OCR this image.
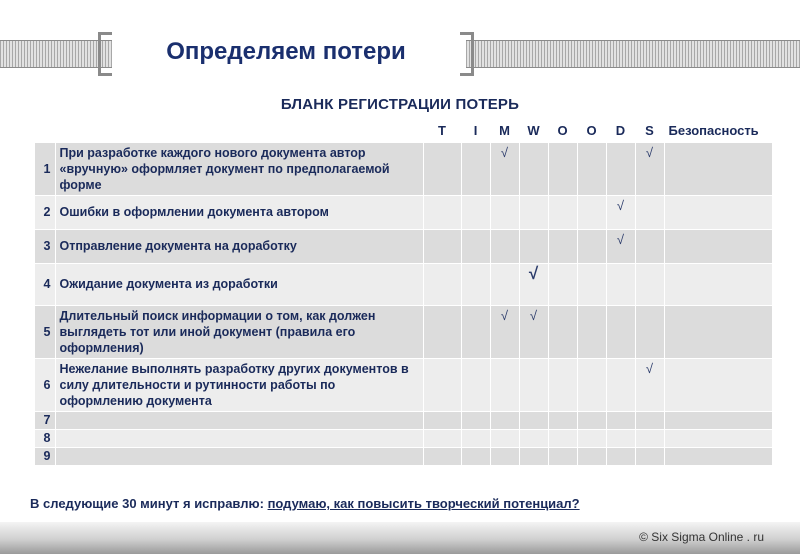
Определяем потери
БЛАНК РЕГИСТРАЦИИ ПОТЕРЬ
		T	I	M	W	O	O	D	S	Безопасность
1	При разработке каждого нового документа автор «вручную» оформляет документ по предполагаемой форме			√					√	
2	Ошибки в оформлении документа автором							√		
3	Отправление документа на доработку							√		
4	Ожидание документа из доработки				√					
5	Длительный поиск информации о том, как должен выглядеть тот или иной документ (правила его оформления)			√	√					
6	Нежелание выполнять разработку других документов в силу длительности и рутинности работы по оформлению документа								√	
7										
8										
9										
В следующие 30 минут я исправлю: подумаю, как повысить творческий потенциал?
© Six Sigma Online . ru
